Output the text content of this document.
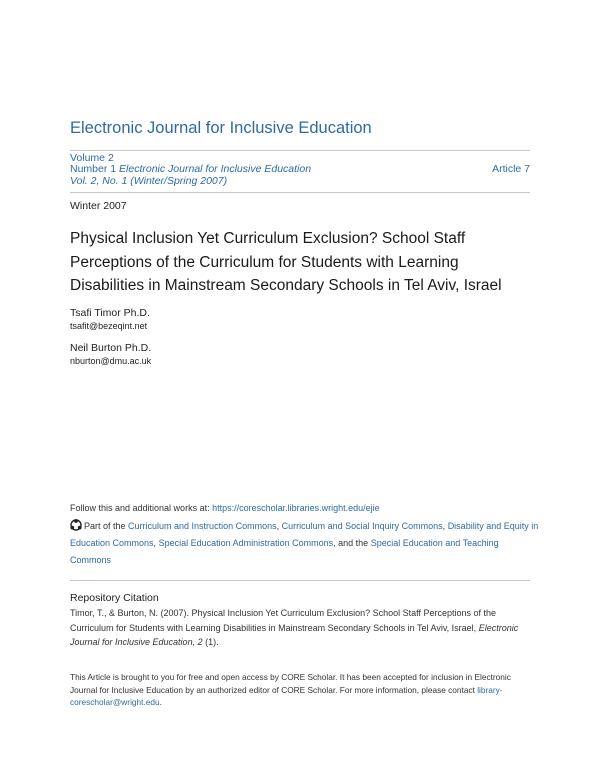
Electronic Journal for Inclusive Education
Volume 2
Number 1 Electronic Journal for Inclusive Education Vol. 2, No. 1 (Winter/Spring 2007)
Article 7
Winter 2007
Physical Inclusion Yet Curriculum Exclusion? School Staff Perceptions of the Curriculum for Students with Learning Disabilities in Mainstream Secondary Schools in Tel Aviv, Israel
Tsafi Timor Ph.D.
tsafit@bezeqint.net
Neil Burton Ph.D.
nburton@dmu.ac.uk
Follow this and additional works at: https://corescholar.libraries.wright.edu/ejie
Part of the Curriculum and Instruction Commons, Curriculum and Social Inquiry Commons, Disability and Equity in Education Commons, Special Education Administration Commons, and the Special Education and Teaching Commons
Repository Citation
Timor, T., & Burton, N. (2007). Physical Inclusion Yet Curriculum Exclusion? School Staff Perceptions of the Curriculum for Students with Learning Disabilities in Mainstream Secondary Schools in Tel Aviv, Israel, Electronic Journal for Inclusive Education, 2 (1).
This Article is brought to you for free and open access by CORE Scholar. It has been accepted for inclusion in Electronic Journal for Inclusive Education by an authorized editor of CORE Scholar. For more information, please contact library-corescholar@wright.edu.
